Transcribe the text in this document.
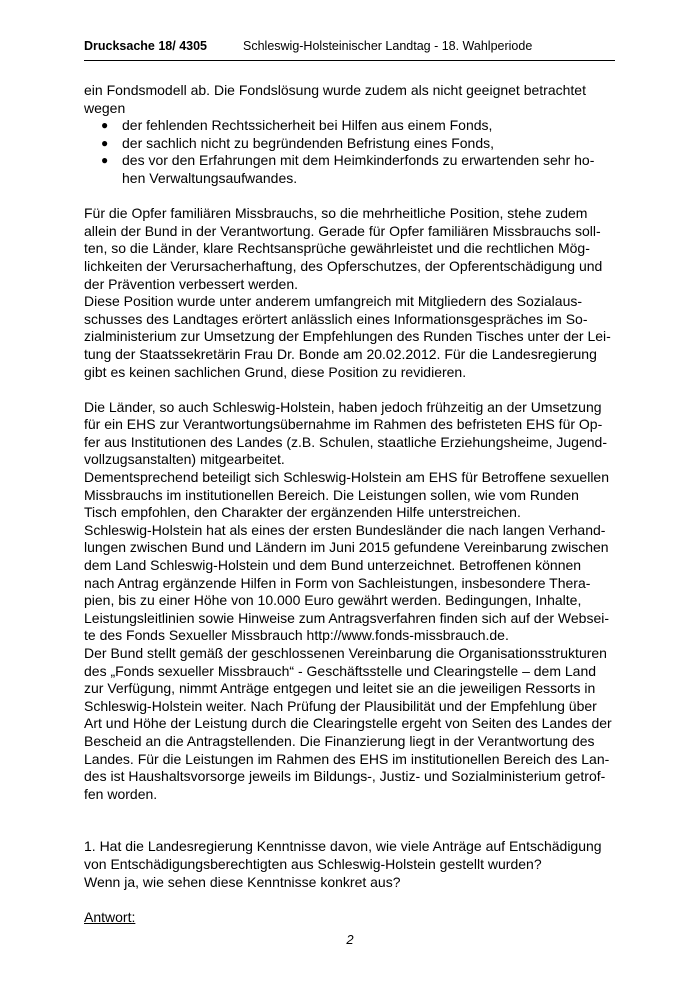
Drucksache 18/ 4305	Schleswig-Holsteinischer Landtag - 18. Wahlperiode

ein Fondsmodell ab. Die Fondslösung wurde zudem als nicht geeignet betrachtet

wegen

● der fehlenden Rechtssicherheit bei Hilfen aus einem Fonds,
● der sachlich nicht zu begründenden Befristung eines Fonds,
● des vor den Erfahrungen mit dem Heimkinderfonds zu erwartenden sehr ho-
hen Verwaltungsaufwandes.

Für die Opfer familiären Missbrauchs, so die mehrheitliche Position, stehe zudem

allein der Bund in der Verantwortung. Gerade für Opfer familiären Missbrauchs soll-

ten, so die Länder, klare Rechtsansprüche gewährleistet und die rechtlichen Mög-

lichkeiten der Verursacherhaftung, des Opferschutzes, der Opferentschädigung und

der Prävention verbessert werden.

Diese Position wurde unter anderem umfangreich mit Mitgliedern des Sozialaus-

schusses des Landtages erörtert anlässlich eines Informationsgespräches im So-

zialministerium zur Umsetzung der Empfehlungen des Runden Tisches unter der Lei-

tung der Staatssekretärin Frau Dr. Bonde am 20.02.2012. Für die Landesregierung

gibt es keinen sachlichen Grund, diese Position zu revidieren.

Die Länder, so auch Schleswig-Holstein, haben jedoch frühzeitig an der Umsetzung

für ein EHS zur Verantwortungsübernahme im Rahmen des befristeten EHS für Op-

fer aus Institutionen des Landes (z.B. Schulen, staatliche Erziehungsheime, Jugend-

vollzugsanstalten) mitgearbeitet.

Dementsprechend beteiligt sich Schleswig-Holstein am EHS für Betroffene sexuellen

Missbrauchs im institutionellen Bereich. Die Leistungen sollen, wie vom Runden

Tisch empfohlen, den Charakter der ergänzenden Hilfe unterstreichen.

Schleswig-Holstein hat als eines der ersten Bundesländer die nach langen Verhand-

lungen zwischen Bund und Ländern im Juni 2015 gefundene Vereinbarung zwischen

dem Land Schleswig-Holstein und dem Bund unterzeichnet. Betroffenen können

nach Antrag ergänzende Hilfen in Form von Sachleistungen, insbesondere Thera-

pien, bis zu einer Höhe von 10.000 Euro gewährt werden. Bedingungen, Inhalte,

Leistungsleitlinien sowie Hinweise zum Antragsverfahren finden sich auf der Websei-

te des Fonds Sexueller Missbrauch http://www.fonds-missbrauch.de.

Der Bund stellt gemäß der geschlossenen Vereinbarung die Organisationsstrukturen

des „Fonds sexueller Missbrauch“ - Geschäftsstelle und Clearingstelle – dem Land

zur Verfügung, nimmt Anträge entgegen und leitet sie an die jeweiligen Ressorts in

Schleswig-Holstein weiter. Nach Prüfung der Plausibilität und der Empfehlung über

Art und Höhe der Leistung durch die Clearingstelle ergeht von Seiten des Landes der

Bescheid an die Antragstellenden. Die Finanzierung liegt in der Verantwortung des

Landes. Für die Leistungen im Rahmen des EHS im institutionellen Bereich des Lan-

des ist Haushaltsvorsorge jeweils im Bildungs-, Justiz- und Sozialministerium getrof-

fen worden.

1. Hat die Landesregierung Kenntnisse davon, wie viele Anträge auf Entschädigung

von Entschädigungsberechtigten aus Schleswig-Holstein gestellt wurden?

Wenn ja, wie sehen diese Kenntnisse konkret aus?

Antwort:

2
